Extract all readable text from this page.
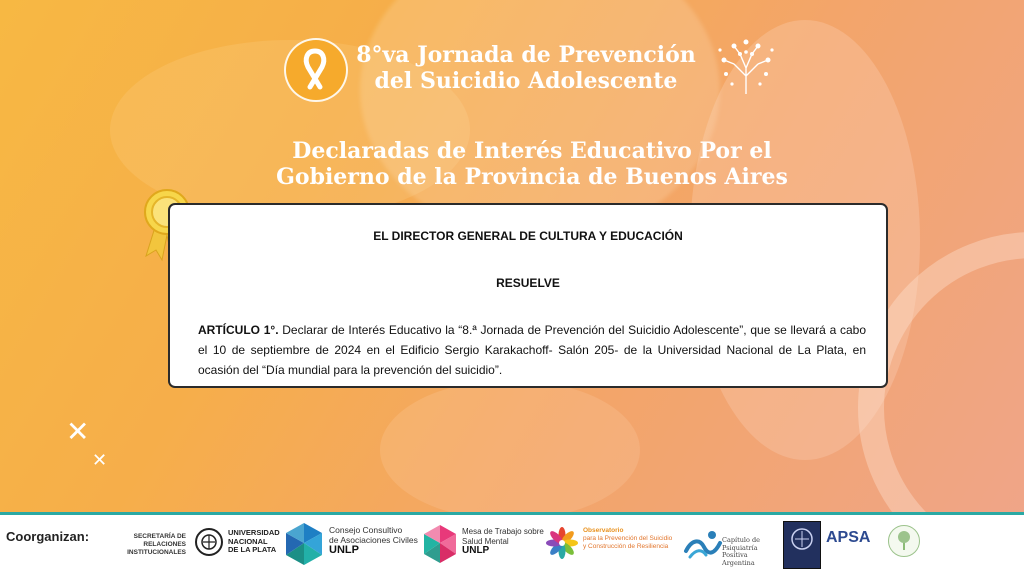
8°va Jornada de Prevención
del Suicidio Adolescente
Declaradas de Interés Educativo Por el
Gobierno de la Provincia de Buenos Aires
EL DIRECTOR GENERAL DE CULTURA Y EDUCACIÓN
RESUELVE

ARTÍCULO 1°. Declarar de Interés Educativo la “8.ª Jornada de Prevención del Suicidio Adolescente”, que se llevará a cabo el 10 de septiembre de 2024 en el Edificio Sergio Karakachoff- Salón 205- de la Universidad Nacional de La Plata, en ocasión del “Día mundial para la prevención del suicidio”.

✕
✕
Coorganizan:	SECRETARÍA DE
RELACIONES INSTITUCIONALES
UNIVERSIDAD
NACIONAL
DE LA PLATA
Consejo Consultivo
de Asociaciones Civiles
UNLP
Mesa de Trabajo sobre
Salud Mental
UNLP
Observatorio
para la Prevención del Suicidio
y Construcción de Resiliencia
Capítulo de
Psiquiatría
Positiva
Argentina
APSA
